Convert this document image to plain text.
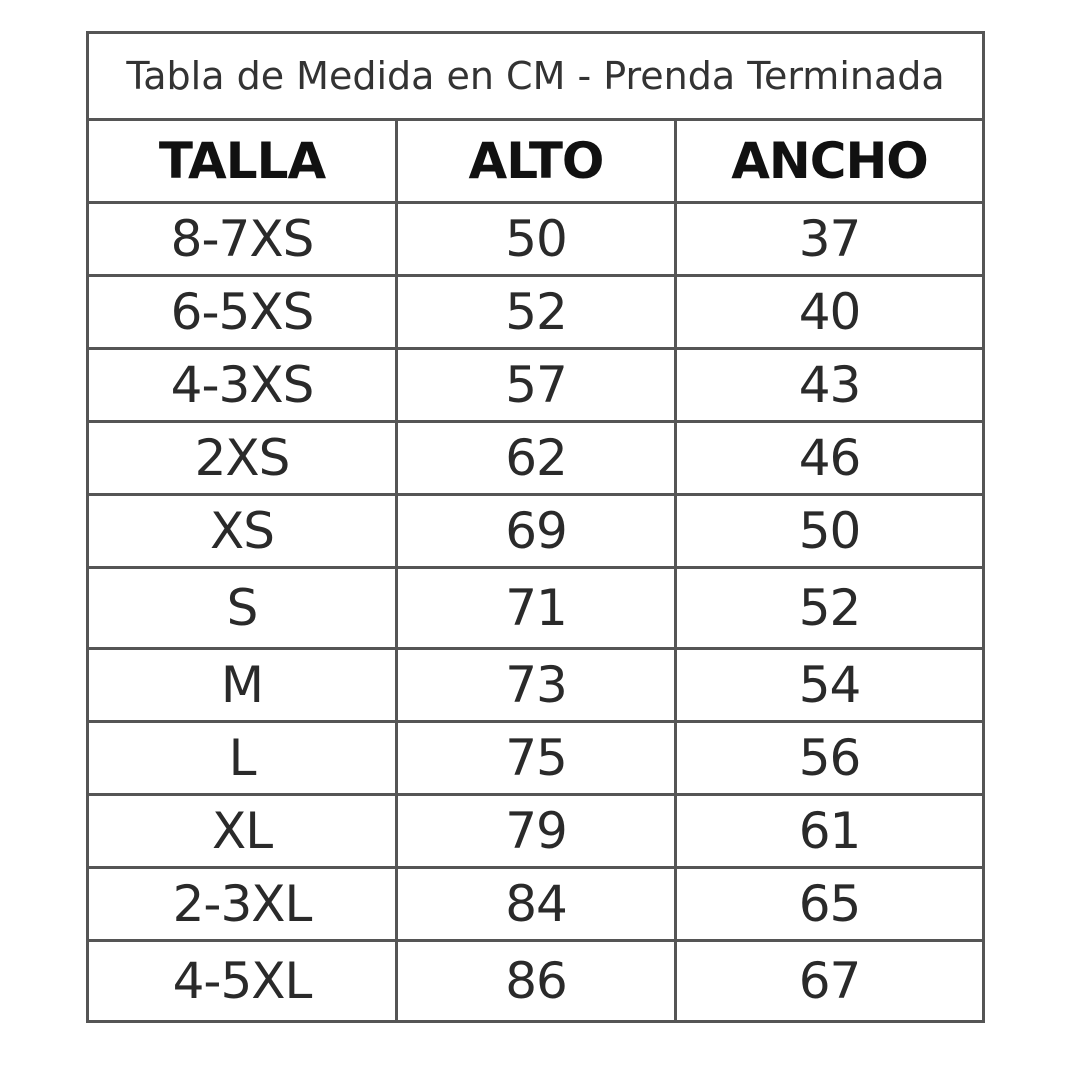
Tabla de Medida en CM - Prenda Terminada		
TALLA	ALTO	ANCHO
8-7XS	50	37
6-5XS	52	40
4-3XS	57	43
2XS	62	46
XS	69	50
S	71	52
M	73	54
L	75	56
XL	79	61
2-3XL	84	65
4-5XL	86	67
